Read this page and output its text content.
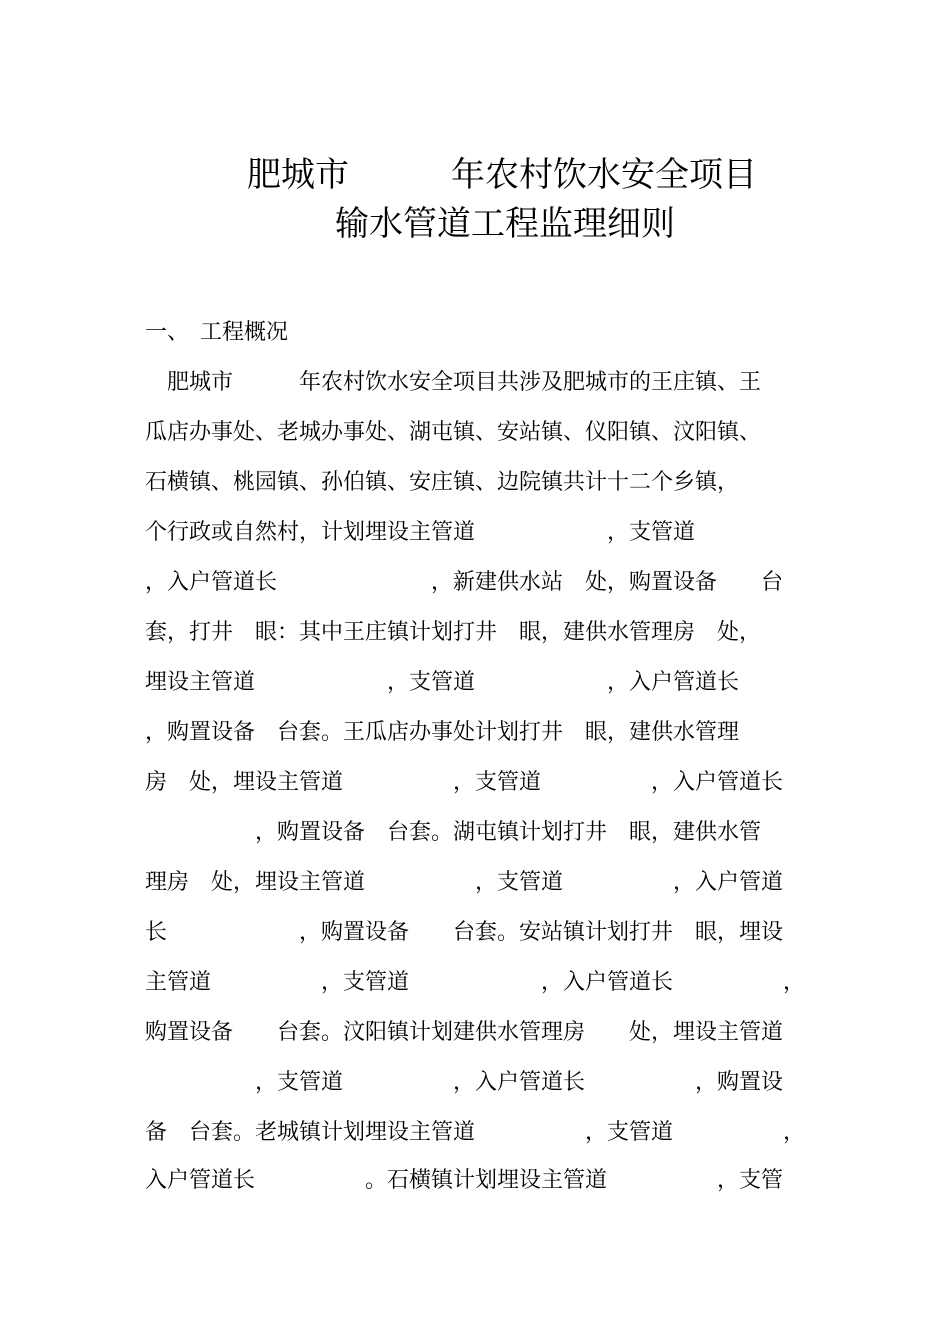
肥城市　　　年农村饮水安全项目
输水管道工程监理细则
一、　工程概况
　肥城市　　　年农村饮水安全项目共涉及肥城市的王庄镇、王
瓜店办事处、老城办事处、湖屯镇、安站镇、仪阳镇、汶阳镇、
石横镇、桃园镇、孙伯镇、安庄镇、边院镇共计十二个乡镇，
个行政或自然村，计划埋设主管道　　　　　　，支管道
，入户管道长　　　　　　　，新建供水站　处，购置设备　　台
套，打井　眼：其中王庄镇计划打井　眼，建供水管理房　处，
埋设主管道　　　　　　，支管道　　　　　　，入户管道长
，购置设备　台套。王瓜店办事处计划打井　眼，建供水管理
房　处，埋设主管道　　　　　，支管道　　　　　，入户管道长
　　　　　，购置设备　台套。湖屯镇计划打井　眼，建供水管
理房　处，埋设主管道　　　　　，支管道　　　　　，入户管道
长　　　　　　，购置设备　　台套。安站镇计划打井　眼，埋设
主管道　　　　　，支管道　　　　　　，入户管道长　　　　　，
购置设备　　台套。汶阳镇计划建供水管理房　　处，埋设主管道
　　　　　，支管道　　　　　，入户管道长　　　　　，购置设
备　台套。老城镇计划埋设主管道　　　　　，支管道　　　　　，
入户管道长　　　　　。石横镇计划埋设主管道　　　　　，支管
